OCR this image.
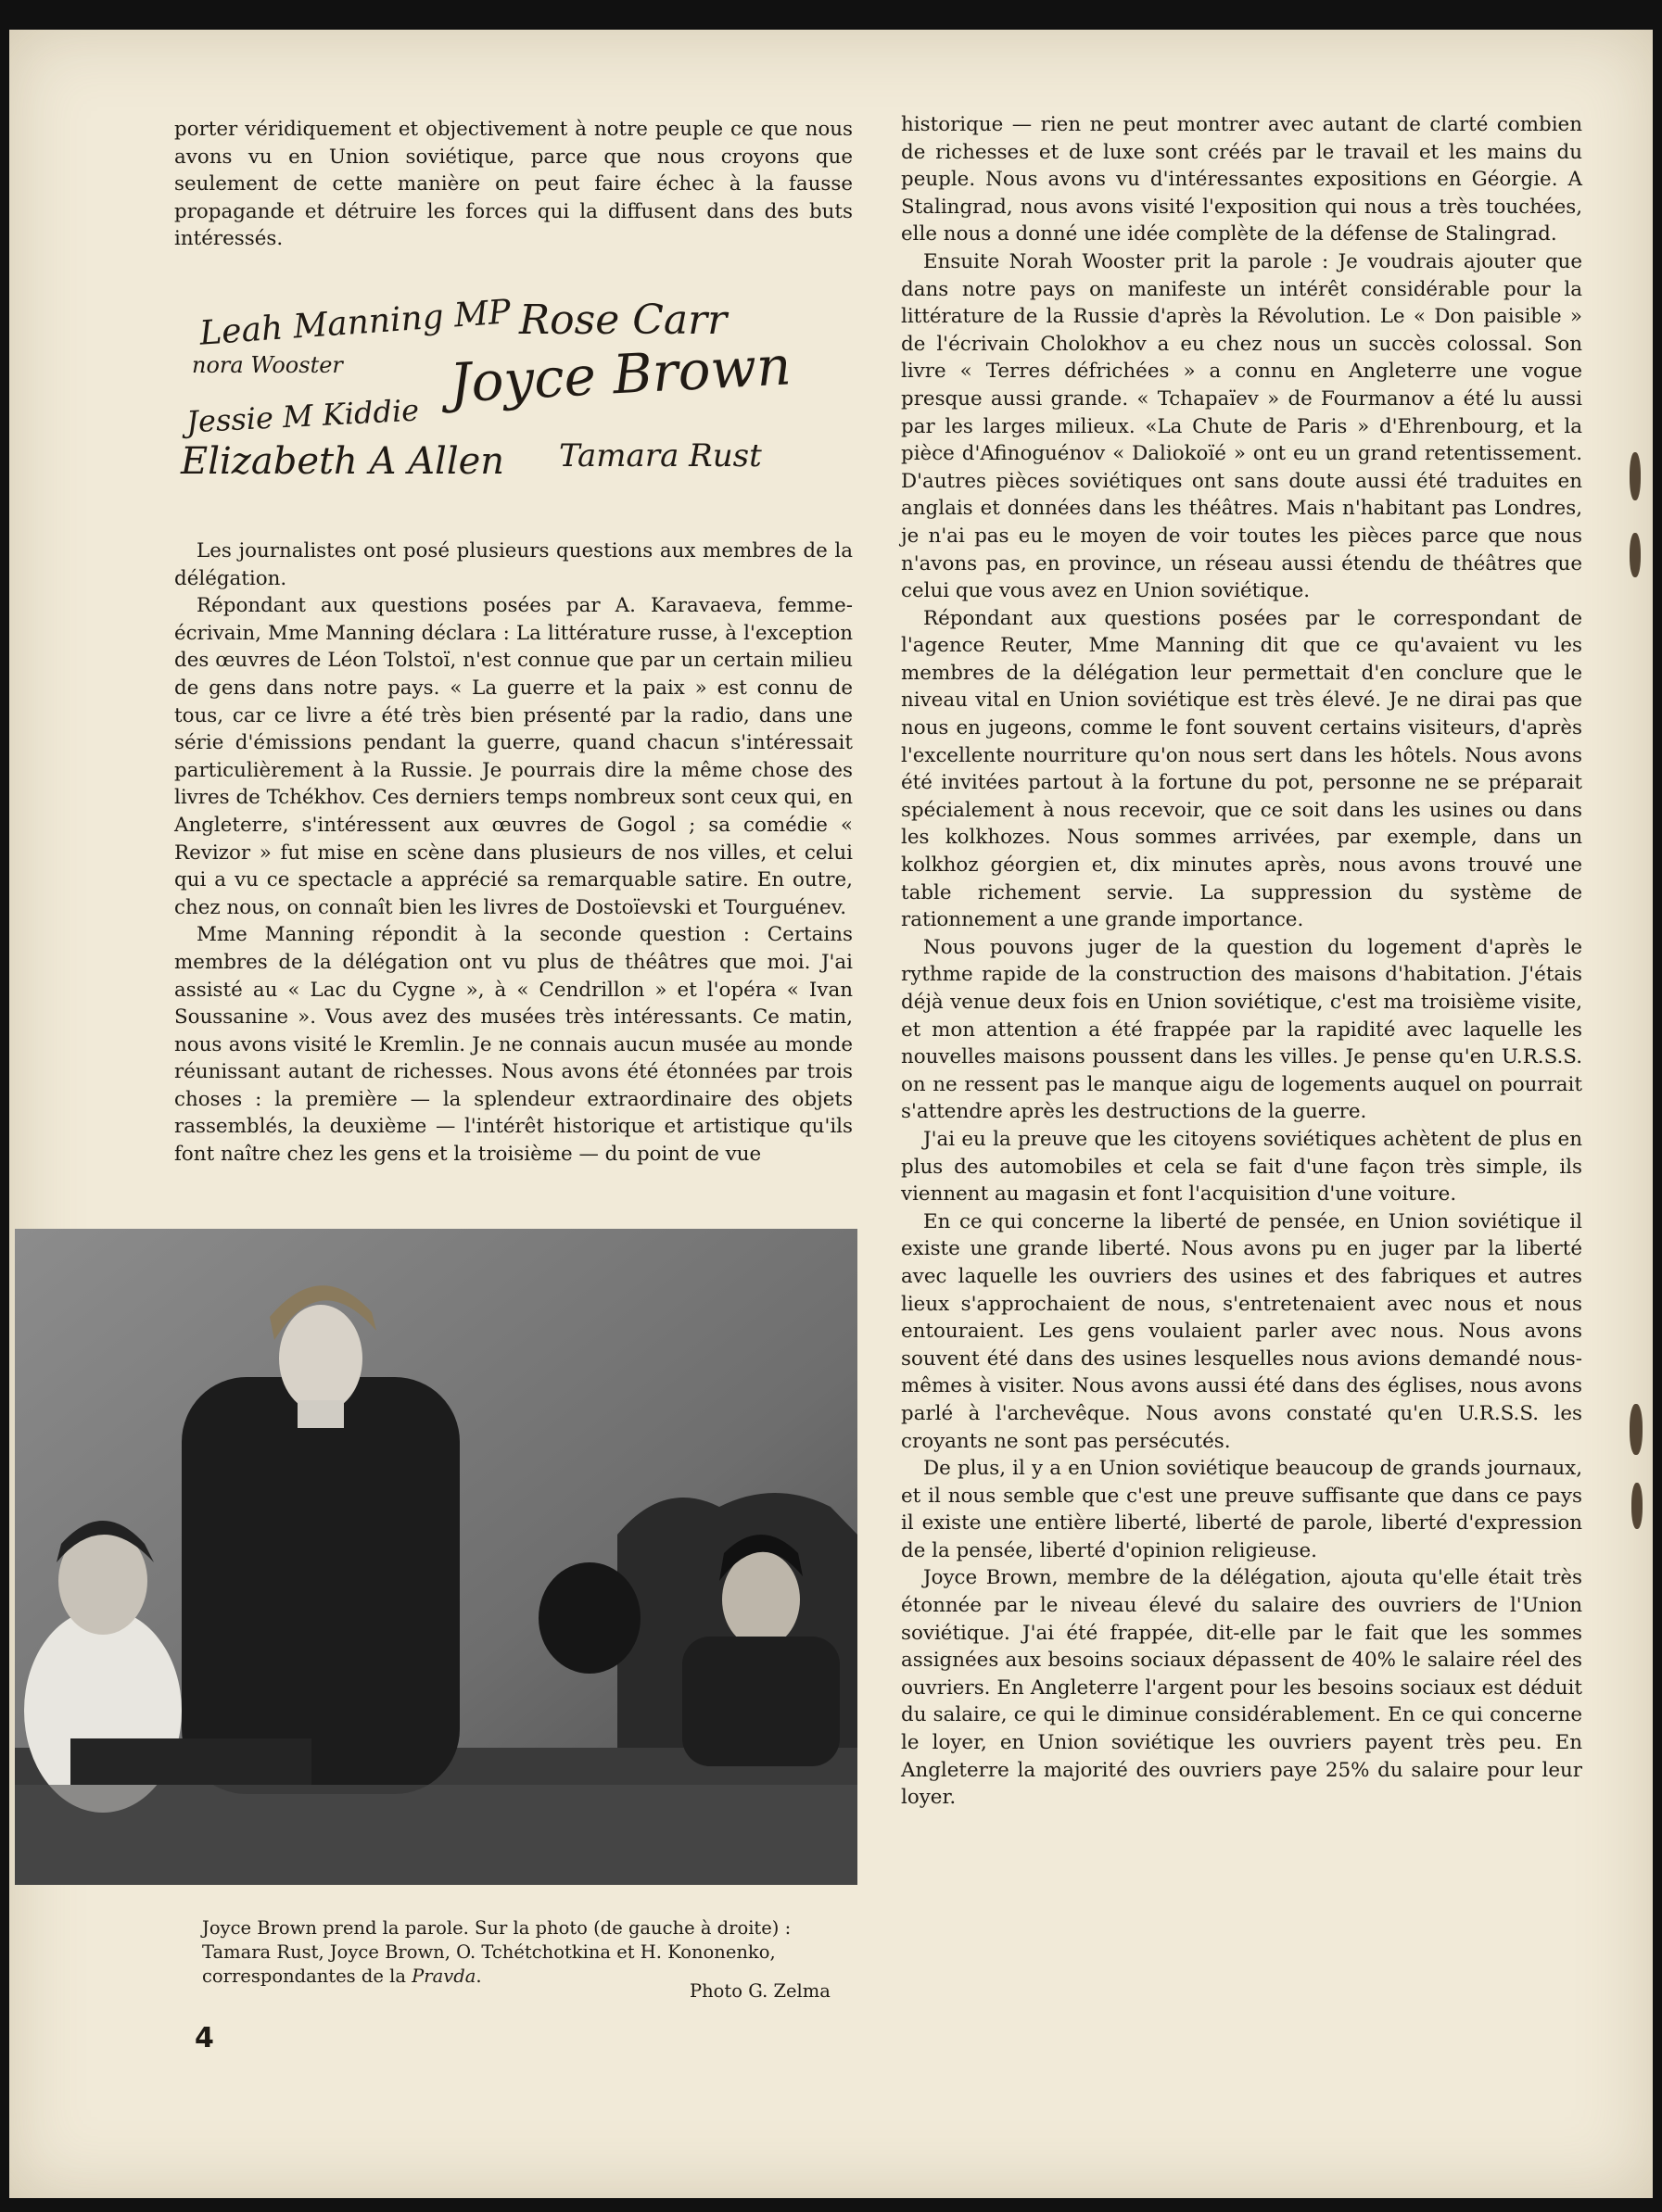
porter véridiquement et objectivement à notre peuple ce que nous avons vu en Union soviétique, parce que nous croyons que seulement de cette manière on peut faire échec à la fausse propagande et détruire les forces qui la diffusent dans des buts intéressés.

Leah Manning MP Rose Carr
nora Wooster Joyce Brown
Jessie M Kiddie
Elizabeth A Allen Tamara Rust

Les journalistes ont posé plusieurs questions aux membres de la délégation.

Répondant aux questions posées par A. Karavaeva, femme-écrivain, Mme Manning déclara : La littérature russe, à l'exception des œuvres de Léon Tolstoï, n'est connue que par un certain milieu de gens dans notre pays. « La guerre et la paix » est connu de tous, car ce livre a été très bien présenté par la radio, dans une série d'émissions pendant la guerre, quand chacun s'intéressait particulièrement à la Russie. Je pourrais dire la même chose des livres de Tchékhov. Ces derniers temps nombreux sont ceux qui, en Angleterre, s'intéressent aux œuvres de Gogol ; sa comédie « Revizor » fut mise en scène dans plusieurs de nos villes, et celui qui a vu ce spectacle a apprécié sa remarquable satire. En outre, chez nous, on connaît bien les livres de Dostoïevski et Tourguénev.

Mme Manning répondit à la seconde question : Certains membres de la délégation ont vu plus de théâtres que moi. J'ai assisté au « Lac du Cygne », à « Cendrillon » et l'opéra « Ivan Soussanine ». Vous avez des musées très intéressants. Ce matin, nous avons visité le Kremlin. Je ne connais aucun musée au monde réunissant autant de richesses. Nous avons été étonnées par trois choses : la première — la splendeur extraordinaire des objets rassemblés, la deuxième — l'intérêt historique et artistique qu'ils font naître chez les gens et la troisième — du point de vue

Joyce Brown prend la parole. Sur la photo (de gauche à droite) :
Tamara Rust, Joyce Brown, O. Tchétchotkina et H. Kononenko,
correspondantes de la Pravda.
Photo G. Zelma
4

historique — rien ne peut montrer avec autant de clarté combien de richesses et de luxe sont créés par le travail et les mains du peuple. Nous avons vu d'intéressantes expositions en Géorgie. A Stalingrad, nous avons visité l'exposition qui nous a très touchées, elle nous a donné une idée complète de la défense de Stalingrad.

Ensuite Norah Wooster prit la parole : Je voudrais ajouter que dans notre pays on manifeste un intérêt considérable pour la littérature de la Russie d'après la Révolution. Le « Don paisible » de l'écrivain Cholokhov a eu chez nous un succès colossal. Son livre « Terres défrichées » a connu en Angleterre une vogue presque aussi grande. « Tchapaïev » de Fourmanov a été lu aussi par les larges milieux. «La Chute de Paris » d'Ehrenbourg, et la pièce d'Afinoguénov « Daliokoïé » ont eu un grand retentissement. D'autres pièces soviétiques ont sans doute aussi été traduites en anglais et données dans les théâtres. Mais n'habitant pas Londres, je n'ai pas eu le moyen de voir toutes les pièces parce que nous n'avons pas, en province, un réseau aussi étendu de théâtres que celui que vous avez en Union soviétique.

Répondant aux questions posées par le correspondant de l'agence Reuter, Mme Manning dit que ce qu'avaient vu les membres de la délégation leur permettait d'en conclure que le niveau vital en Union soviétique est très élevé. Je ne dirai pas que nous en jugeons, comme le font souvent certains visiteurs, d'après l'excellente nourriture qu'on nous sert dans les hôtels. Nous avons été invitées partout à la fortune du pot, personne ne se préparait spécialement à nous recevoir, que ce soit dans les usines ou dans les kolkhozes. Nous sommes arrivées, par exemple, dans un kolkhoz géorgien et, dix minutes après, nous avons trouvé une table richement servie. La suppression du système de rationnement a une grande importance.

Nous pouvons juger de la question du logement d'après le rythme rapide de la construction des maisons d'habitation. J'étais déjà venue deux fois en Union soviétique, c'est ma troisième visite, et mon attention a été frappée par la rapidité avec laquelle les nouvelles maisons poussent dans les villes. Je pense qu'en U.R.S.S. on ne ressent pas le manque aigu de logements auquel on pourrait s'attendre après les destructions de la guerre.

J'ai eu la preuve que les citoyens soviétiques achètent de plus en plus des automobiles et cela se fait d'une façon très simple, ils viennent au magasin et font l'acquisition d'une voiture.

En ce qui concerne la liberté de pensée, en Union soviétique il existe une grande liberté. Nous avons pu en juger par la liberté avec laquelle les ouvriers des usines et des fabriques et autres lieux s'approchaient de nous, s'entretenaient avec nous et nous entouraient. Les gens voulaient parler avec nous. Nous avons souvent été dans des usines lesquelles nous avions demandé nous-mêmes à visiter. Nous avons aussi été dans des églises, nous avons parlé à l'archevêque. Nous avons constaté qu'en U.R.S.S. les croyants ne sont pas persécutés.

De plus, il y a en Union soviétique beaucoup de grands journaux, et il nous semble que c'est une preuve suffisante que dans ce pays il existe une entière liberté, liberté de parole, liberté d'expression de la pensée, liberté d'opinion religieuse.

Joyce Brown, membre de la délégation, ajouta qu'elle était très étonnée par le niveau élevé du salaire des ouvriers de l'Union soviétique. J'ai été frappée, dit-elle par le fait que les sommes assignées aux besoins sociaux dépassent de 40% le salaire réel des ouvriers. En Angleterre l'argent pour les besoins sociaux est déduit du salaire, ce qui le diminue considérablement. En ce qui concerne le loyer, en Union soviétique les ouvriers payent très peu. En Angleterre la majorité des ouvriers paye 25% du salaire pour leur loyer.
